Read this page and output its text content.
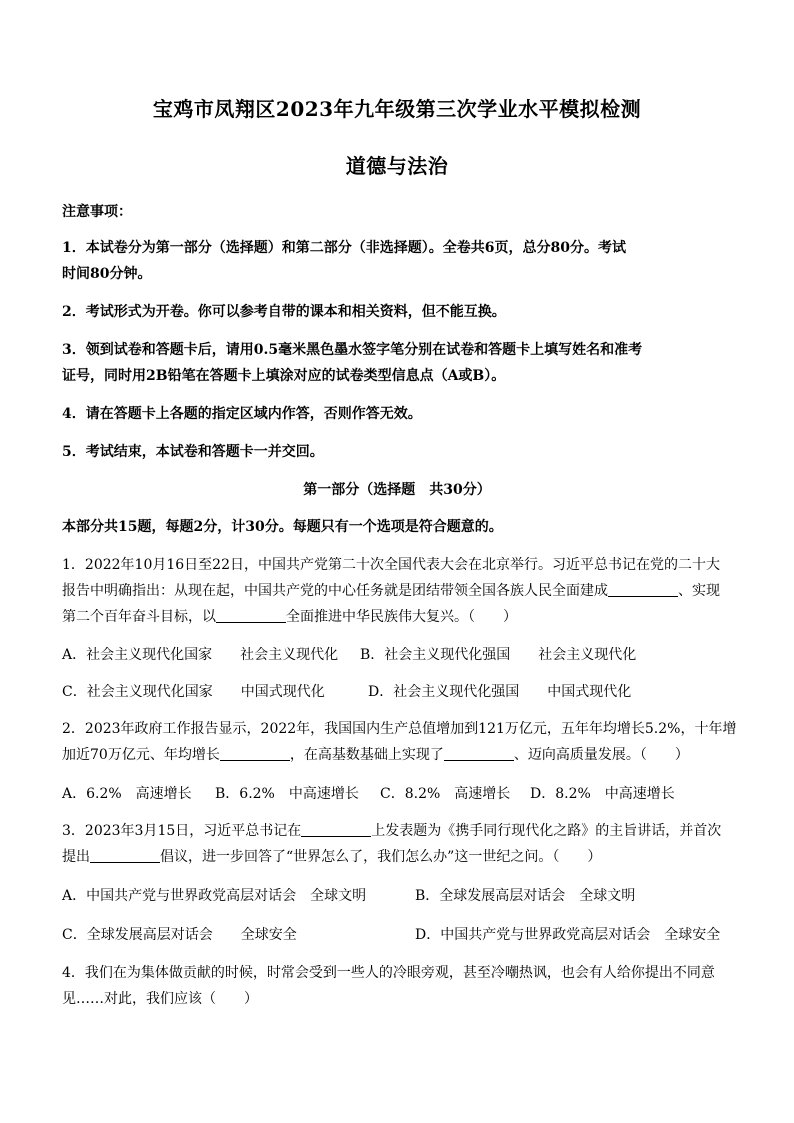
宝鸡市凤翔区2023年九年级第三次学业水平模拟检测
道德与法治
注意事项：
1．本试卷分为第一部分（选择题）和第二部分（非选择题）。全卷共6页，总分80分。考试
时间80分钟。
2．考试形式为开卷。你可以参考自带的课本和相关资料，但不能互换。
3．领到试卷和答题卡后，请用0.5毫米黑色墨水签字笔分别在试卷和答题卡上填写姓名和准考
证号，同时用2B铅笔在答题卡上填涂对应的试卷类型信息点（A或B）。
4．请在答题卡上各题的指定区域内作答，否则作答无效。
5．考试结束，本试卷和答题卡一并交回。
第一部分（选择题　共30分）
本部分共15题，每题2分，计30分。每题只有一个选项是符合题意的。
1．2022年10月16日至22日，中国共产党第二十次全国代表大会在北京举行。习近平总书记在党的二十大
报告中明确指出：从现在起，中国共产党的中心任务就是团结带领全国各族人民全面建成	、实现
第二个百年奋斗目标，以	全面推进中华民族伟大复兴。（　　）
A．社会主义现代化国家　　社会主义现代化 B．社会主义现代化强国　　社会主义现代化
C．社会主义现代化国家　　中国式现代化	D．社会主义现代化强国　　中国式现代化
2．2023年政府工作报告显示，2022年，我国国内生产总值增加到121万亿元，五年年均增长5.2%，十年增
加近70万亿元、年均增长	，在高基数基础上实现了	、迈向高质量发展。（　　）
A．6.2%　高速增长 B．6.2%　中高速增长 C．8.2%　高速增长 D．8.2%　中高速增长
3．2023年3月15日，习近平总书记在	上发表题为《携手同行现代化之路》的主旨讲话，并首次
提出	倡议，进一步回答了“世界怎么了，我们怎么办”这一世纪之问。（　　）
A．中国共产党与世界政党高层对话会　全球文明	B．全球发展高层对话会　全球文明
C．全球发展高层对话会　　全球安全	D．中国共产党与世界政党高层对话会　全球安全
4．我们在为集体做贡献的时候，时常会受到一些人的冷眼旁观，甚至冷嘲热讽，也会有人给你提出不同意
见……对此，我们应该（　　）
